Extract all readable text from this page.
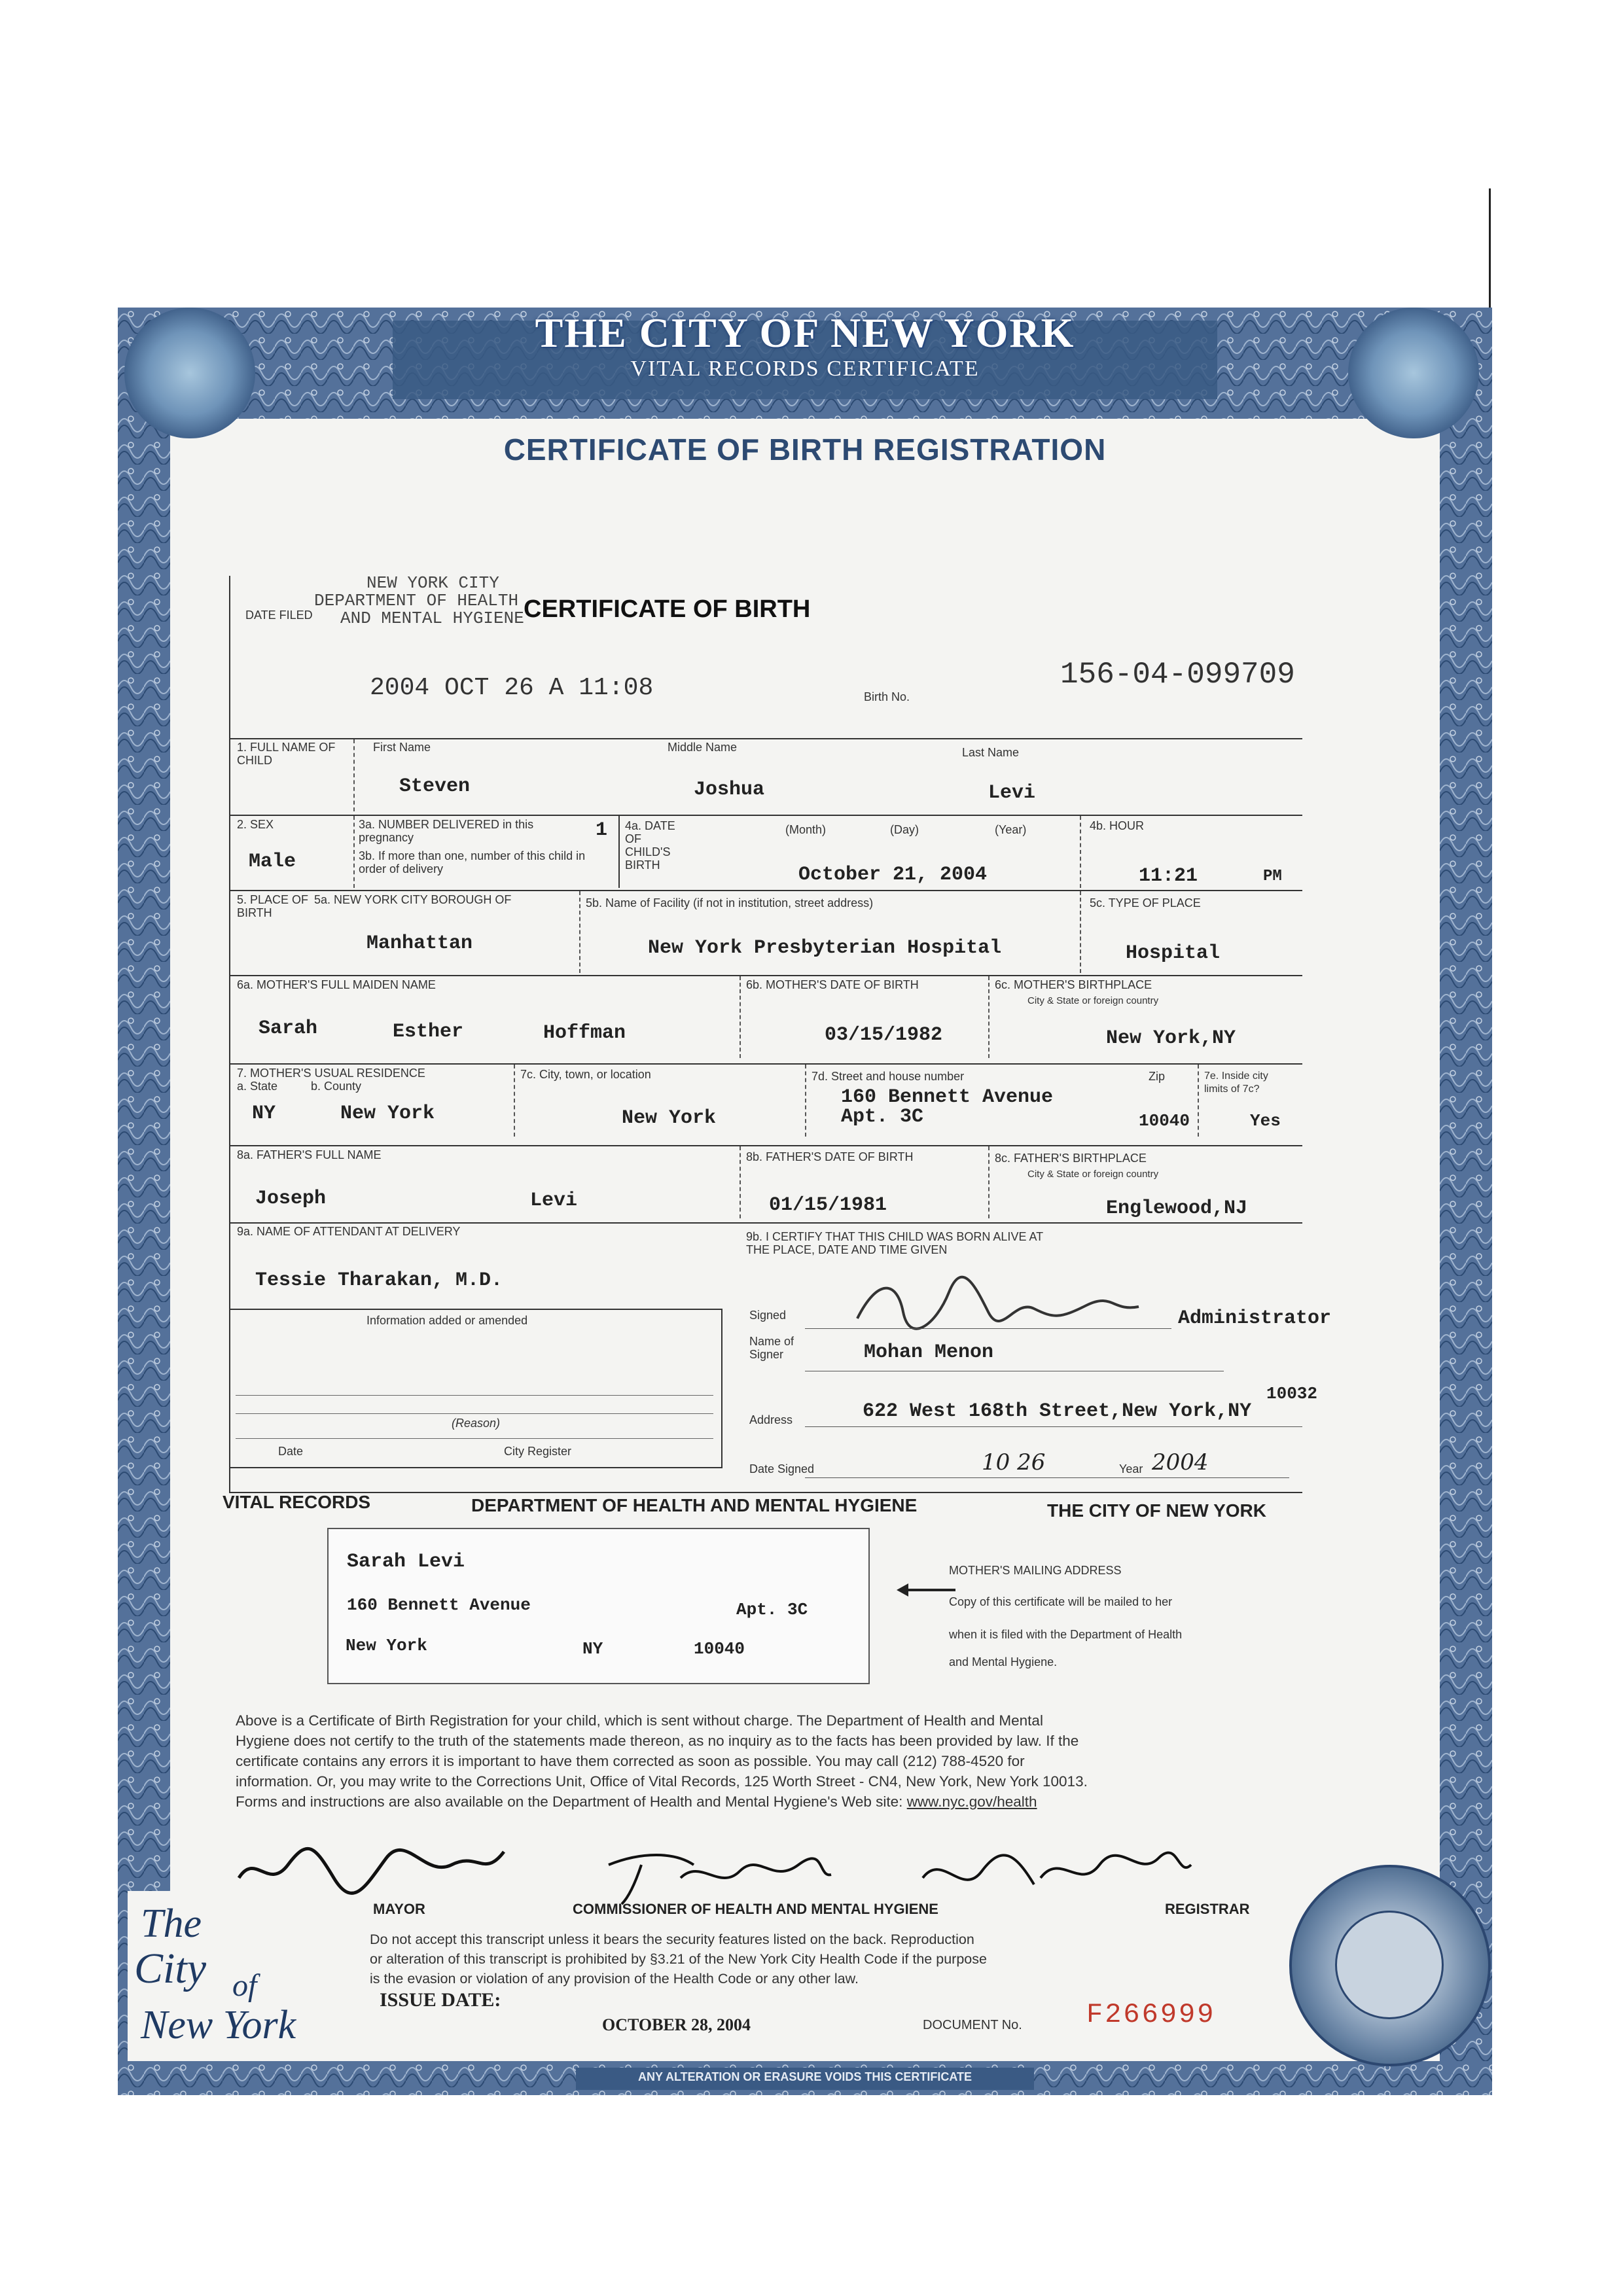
ANY ALTERATION OR ERASURE VOIDS THIS CERTIFICATE
THE CITY OF NEW YORK
VITAL RECORDS CERTIFICATE
CERTIFICATE OF BIRTH REGISTRATION
DATE FILED
NEW YORK CITY
DEPARTMENT OF HEALTH
AND MENTAL HYGIENE CERTIFICATE OF BIRTH
2004 OCT 26 A 11:08	Birth No.
156-04-099709
1. FULL NAME OF CHILD
First Name	Middle Name	Last Name
Steven	Joshua	Levi
2. SEX
Male
3a. NUMBER DELIVERED in this pregnancy	1
3b. If more than one, number of this child in order of delivery
4a. DATE OF CHILD'S BIRTH
(Month)	(Day)	(Year)
October 21, 2004
4b. HOUR
11:21	PM
5. PLACE OF BIRTH
5a. NEW YORK CITY BOROUGH OF
Manhattan
5b. Name of Facility (if not in institution, street address)
New York Presbyterian Hospital
5c. TYPE OF PLACE
Hospital
6a. MOTHER'S FULL MAIDEN NAME
Sarah	Esther	Hoffman
6b. MOTHER'S DATE OF BIRTH
03/15/1982
6c. MOTHER'S BIRTHPLACE
City & State or foreign country
New York,NY
7. MOTHER'S USUAL RESIDENCE
a. State	b. County
NY	New York
7c. City, town, or location
New York
7d. Street and house number
160 Bennett Avenue
Apt. 3C
Zip
10040
7e. Inside city limits of 7c?
Yes
8a. FATHER'S FULL NAME
Joseph	Levi
8b. FATHER'S DATE OF BIRTH
01/15/1981
8c. FATHER'S BIRTHPLACE
City & State or foreign country
Englewood,NJ
9a. NAME OF ATTENDANT AT DELIVERY
Tessie Tharakan, M.D.
9b. I CERTIFY THAT THIS CHILD WAS BORN ALIVE AT THE PLACE, DATE AND TIME GIVEN
Information added or amended
(Reason)
Date	City Register
Signed	Administrator
Name of Signer	Mohan Menon
Address
10032
622 West 168th Street,New York,NY
Date Signed	10 26	Year 2004
VITAL RECORDS	DEPARTMENT OF HEALTH AND MENTAL HYGIENE	THE CITY OF NEW YORK
Sarah Levi
160 Bennett Avenue	Apt. 3C
New York	NY	10040
MOTHER'S MAILING ADDRESS
Copy of this certificate will be mailed to her
when it is filed with the Department of Health
and Mental Hygiene.
Above is a Certificate of Birth Registration for your child, which is sent without charge. The Department of Health and Mental
Hygiene does not certify to the truth of the statements made thereon, as no inquiry as to the facts has been provided by law. If the
certificate contains any errors it is important to have them corrected as soon as possible. You may call (212) 788-4520 for
information. Or, you may write to the Corrections Unit, Office of Vital Records, 125 Worth Street - CN4, New York, New York 10013.
Forms and instructions are also available on the Department of Health and Mental Hygiene's Web site: www.nyc.gov/health
MAYOR	COMMISSIONER OF HEALTH AND MENTAL HYGIENE	REGISTRAR
Do not accept this transcript unless it bears the security features listed on the back. Reproduction
or alteration of this transcript is prohibited by §3.21 of the New York City Health Code if the purpose
is the evasion or violation of any provision of the Health Code or any other law.
ISSUE DATE:
OCTOBER 28, 2004	DOCUMENT No. F266999
The
City of
New York
